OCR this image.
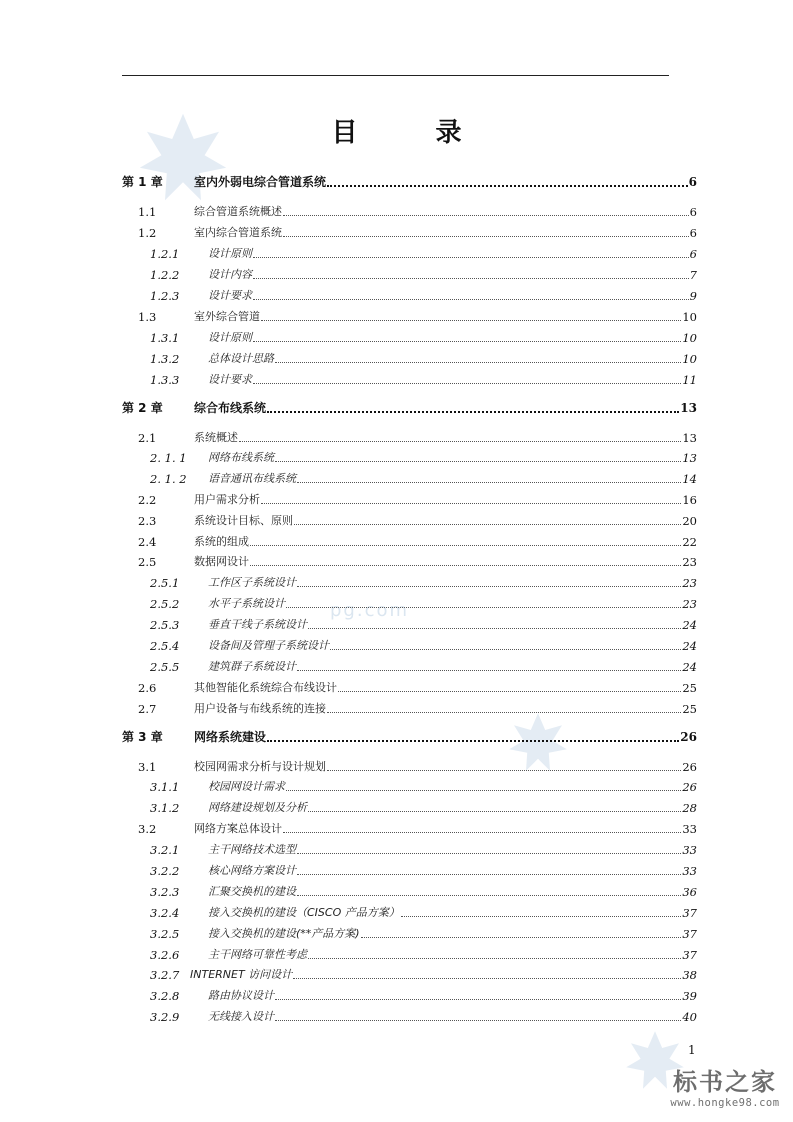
pg.com
目　录
第 1 章	室内外弱电综合管道系统	6
1.1	综合管道系统概述	6
1.2	室内综合管道系统	6
1.2.1	设计原则	6
1.2.2	设计内容	7
1.2.3	设计要求	9
1.3	室外综合管道	10
1.3.1	设计原则	10
1.3.2	总体设计思路	10
1.3.3	设计要求	11
第 2 章	综合布线系统	13
2.1	系统概述	13
2. 1. 1	网络布线系统	13
2. 1. 2	语音通讯布线系统	14
2.2	用户需求分析	16
2.3	系统设计目标、原则	20
2.4	系统的组成	22
2.5	数据网设计	23
2.5.1	工作区子系统设计	23
2.5.2	水平子系统设计	23
2.5.3	垂直干线子系统设计	24
2.5.4	设备间及管理子系统设计	24
2.5.5	建筑群子系统设计	24
2.6	其他智能化系统综合布线设计	25
2.7	用户设备与布线系统的连接	25
第 3 章	网络系统建设	26
3.1	校园网需求分析与设计规划	26
3.1.1	校园网设计需求	26
3.1.2	网络建设规划及分析	28
3.2	网络方案总体设计	33
3.2.1	主干网络技术选型	33
3.2.2	核心网络方案设计	33
3.2.3	汇聚交换机的建设	36
3.2.4	接入交换机的建设（CISCO 产品方案）	37
3.2.5	接入交换机的建设(**产品方案)	37
3.2.6	主干网络可靠性考虑	37
3.2.7 INTERNET 访问设计	38
3.2.8	路由协议设计	39
3.2.9	无线接入设计	40
1
标书之家
www.hongke98.com
